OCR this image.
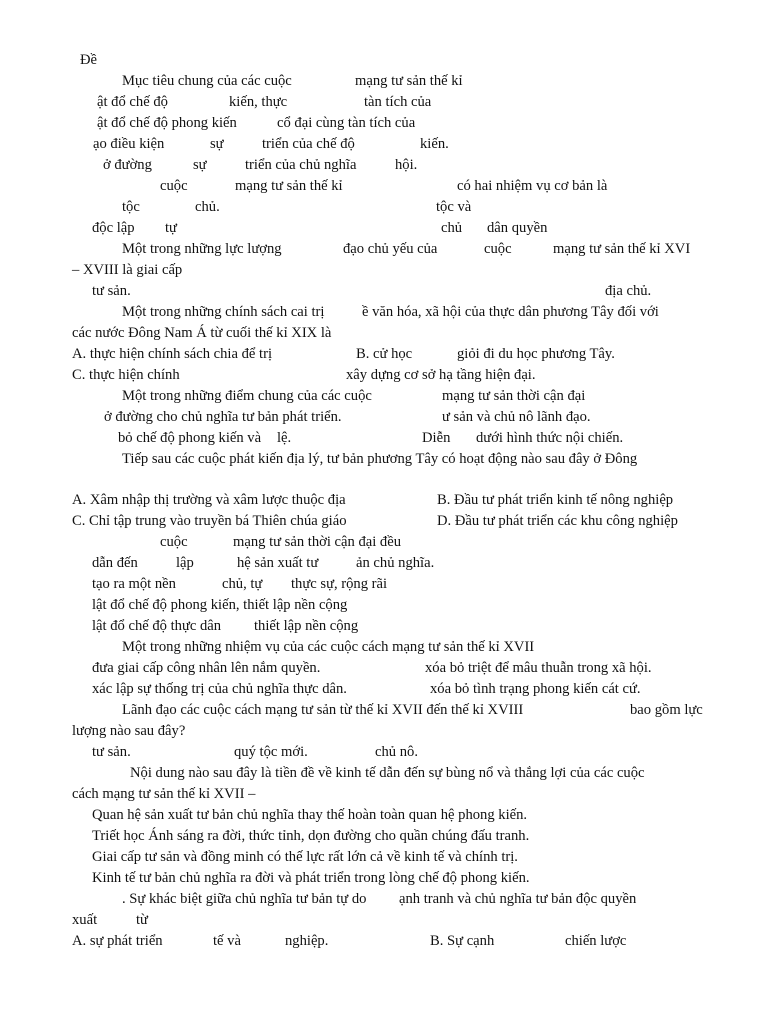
Đề
Mục tiêu chung của các cuộc	mạng tư sản thế kỉ
ật đổ chế độ	kiến, thực	tàn tích của
ật đổ chế độ phong kiến	cổ đại cùng tàn tích của
ạo điều kiện	sự	triển của chế độ	kiến.
ở đường	sự	triển của chủ nghĩa	hội.
cuộc	mạng tư sản thế kỉ	có hai nhiệm vụ cơ bản là
tộc	chủ.	tộc và
độc lập tự	chủ dân quyền
Một trong những lực lượng	đạo chủ yếu của	cuộc	mạng tư sản thế kỉ XVI
– XVIII là giai cấp
tư sản.	địa chủ.
Một trong những chính sách cai trị	ề văn hóa, xã hội của thực dân phương Tây đối với
các nước Đông Nam Á từ cuối thế kỉ XIX là
A. thực hiện chính sách chia để trị	B. cử học	giỏi đi du học phương Tây.
C. thực hiện chính	xây dựng cơ sở hạ tầng hiện đại.
Một trong những điểm chung của các cuộc	mạng tư sản thời cận đại
ở đường cho chủ nghĩa tư bản phát triển.	ư sản và chủ nô lãnh đạo.
bỏ chế độ phong kiến và lệ.	Diễn dưới hình thức nội chiến.
Tiếp sau các cuộc phát kiến địa lý, tư bản phương Tây có hoạt động nào sau đây ở Đông
A. Xâm nhập thị trường và xâm lược thuộc địa	B. Đầu tư phát triển kinh tế nông nghiệp
C. Chỉ tập trung vào truyền bá Thiên chúa giáo	D. Đầu tư phát triển các khu công nghiệp
cuộc	mạng tư sản thời cận đại đều
dẫn đến	lập	hệ sản xuất tư	ản chủ nghĩa.
tạo ra một nền	chủ, tự thực sự, rộng rãi
lật đổ chế độ phong kiến, thiết lập nền cộng
lật đổ chế độ thực dân thiết lập nền cộng
Một trong những nhiệm vụ của các cuộc cách mạng tư sản thế kỉ XVII
đưa giai cấp công nhân lên nắm quyền.	xóa bỏ triệt để mâu thuẫn trong xã hội.
xác lập sự thống trị của chủ nghĩa thực dân.	xóa bỏ tình trạng phong kiến cát cứ.
Lãnh đạo các cuộc cách mạng tư sản từ thế kỉ XVII đến thế kỉ XVIII	bao gồm lực
lượng nào sau đây?
tư sản.	quý tộc mới.	chủ nô.
Nội dung nào sau đây là tiền đề về kinh tế dẫn đến sự bùng nổ và thắng lợi của các cuộc
cách mạng tư sản thế kỉ XVII –
Quan hệ sản xuất tư bản chủ nghĩa thay thế hoàn toàn quan hệ phong kiến.
Triết học Ánh sáng ra đời, thức tỉnh, dọn đường cho quần chúng đấu tranh.
Giai cấp tư sản và đồng minh có thế lực rất lớn cả về kinh tế và chính trị.
Kinh tế tư bản chủ nghĩa ra đời và phát triển trong lòng chế độ phong kiến.
. Sự khác biệt giữa chủ nghĩa tư bản tự do ạnh tranh và chủ nghĩa tư bản độc quyền
xuất	từ
A. sự phát triển	tế và	nghiệp.	B. Sự cạnh	chiến lược
